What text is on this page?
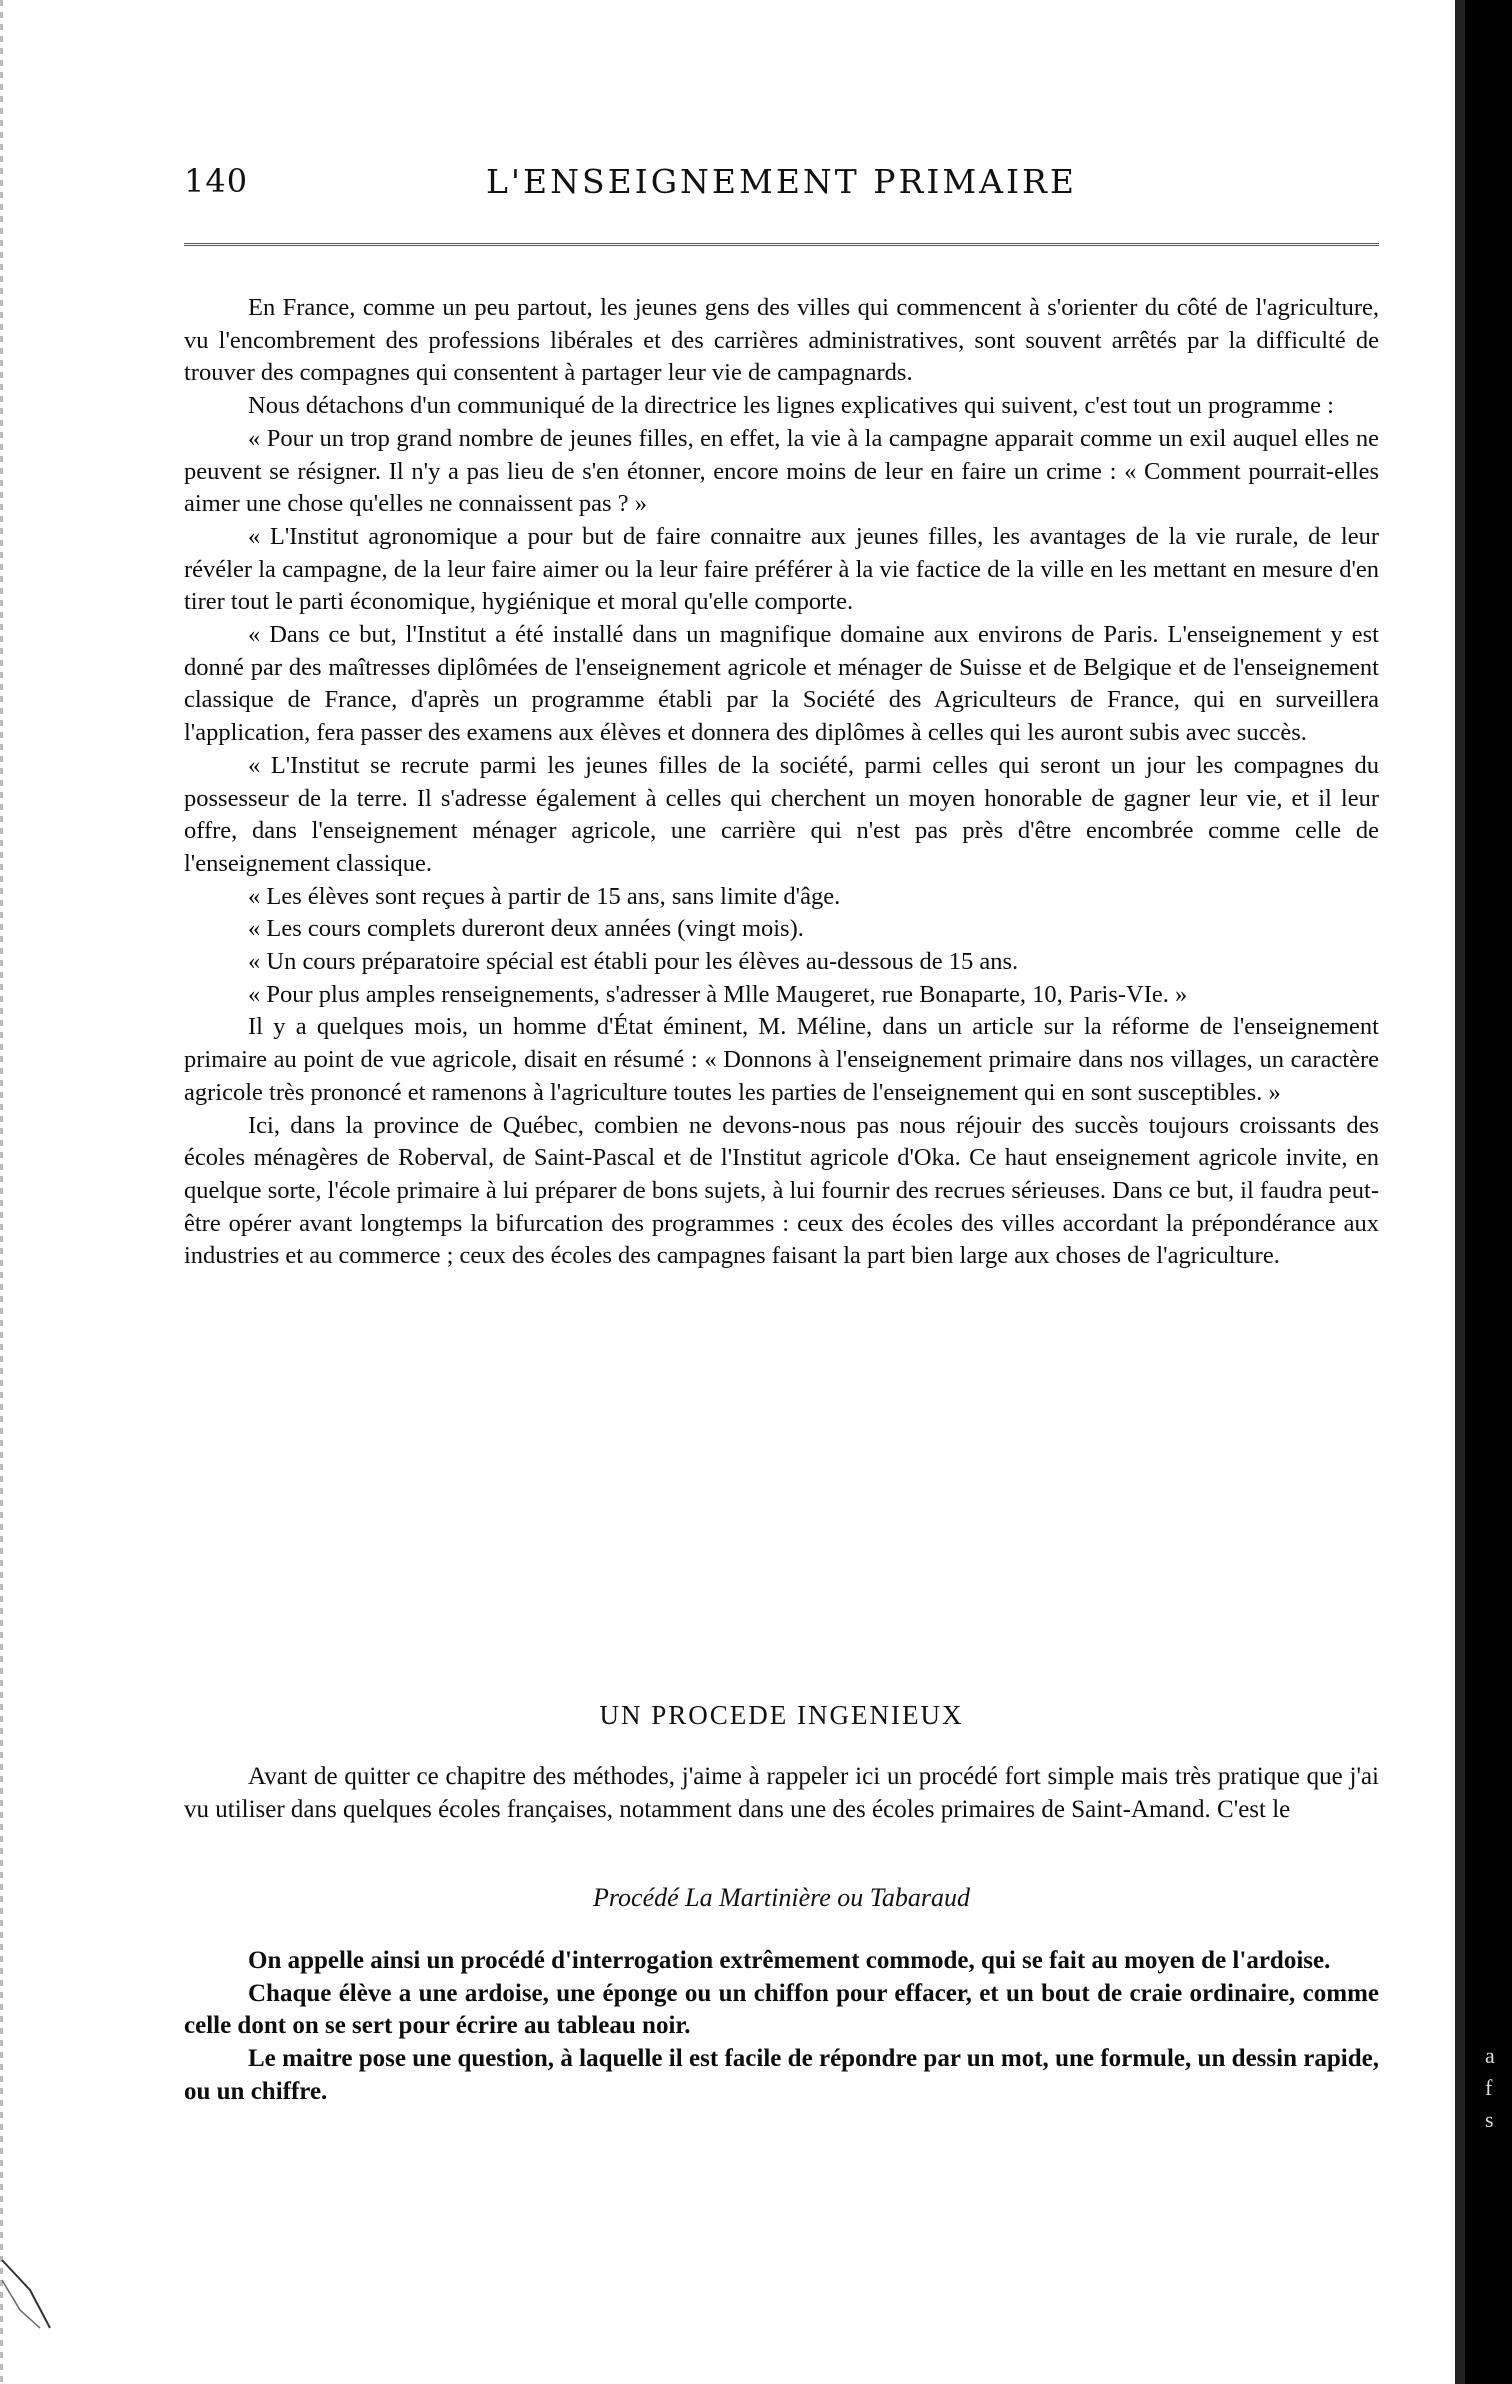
140	L'ENSEIGNEMENT PRIMAIRE

En France, comme un peu partout, les jeunes gens des villes qui commencent à s'orienter du côté de l'agriculture, vu l'encombrement des professions libérales et des carrières administratives, sont souvent arrêtés par la difficulté de trouver des compagnes qui consentent à partager leur vie de campagnards.

Nous détachons d'un communiqué de la directrice les lignes explicatives qui suivent, c'est tout un programme :

« Pour un trop grand nombre de jeunes filles, en effet, la vie à la campagne apparait comme un exil auquel elles ne peuvent se résigner. Il n'y a pas lieu de s'en étonner, encore moins de leur en faire un crime : « Comment pourrait-elles aimer une chose qu'elles ne connaissent pas ? »

« L'Institut agronomique a pour but de faire connaitre aux jeunes filles, les avantages de la vie rurale, de leur révéler la campagne, de la leur faire aimer ou la leur faire préférer à la vie factice de la ville en les mettant en mesure d'en tirer tout le parti économique, hygiénique et moral qu'elle comporte.

« Dans ce but, l'Institut a été installé dans un magnifique domaine aux environs de Paris. L'enseignement y est donné par des maîtresses diplômées de l'enseignement agricole et ménager de Suisse et de Belgique et de l'enseignement classique de France, d'après un programme établi par la Société des Agriculteurs de France, qui en surveillera l'application, fera passer des examens aux élèves et donnera des diplômes à celles qui les auront subis avec succès.

« L'Institut se recrute parmi les jeunes filles de la société, parmi celles qui seront un jour les compagnes du possesseur de la terre. Il s'adresse également à celles qui cherchent un moyen honorable de gagner leur vie, et il leur offre, dans l'enseignement ménager agricole, une carrière qui n'est pas près d'être encombrée comme celle de l'enseignement classique.

« Les élèves sont reçues à partir de 15 ans, sans limite d'âge.

« Les cours complets dureront deux années (vingt mois).

« Un cours préparatoire spécial est établi pour les élèves au-dessous de 15 ans.

« Pour plus amples renseignements, s'adresser à Mlle Maugeret, rue Bonaparte, 10, Paris-VIe. »

Il y a quelques mois, un homme d'État éminent, M. Méline, dans un article sur la réforme de l'enseignement primaire au point de vue agricole, disait en résumé : « Donnons à l'enseignement primaire dans nos villages, un caractère agricole très prononcé et ramenons à l'agriculture toutes les parties de l'enseignement qui en sont susceptibles. »

Ici, dans la province de Québec, combien ne devons-nous pas nous réjouir des succès toujours croissants des écoles ménagères de Roberval, de Saint-Pascal et de l'Institut agricole d'Oka. Ce haut enseignement agricole invite, en quelque sorte, l'école primaire à lui préparer de bons sujets, à lui fournir des recrues sérieuses. Dans ce but, il faudra peut-être opérer avant longtemps la bifurcation des programmes : ceux des écoles des villes accordant la prépondérance aux industries et au commerce ; ceux des écoles des campagnes faisant la part bien large aux choses de l'agriculture.

UN PROCEDE INGENIEUX

Avant de quitter ce chapitre des méthodes, j'aime à rappeler ici un procédé fort simple mais très pratique que j'ai vu utiliser dans quelques écoles françaises, notamment dans une des écoles primaires de Saint-Amand. C'est le

Procédé La Martinière ou Tabaraud

On appelle ainsi un procédé d'interrogation extrêmement commode, qui se fait au moyen de l'ardoise.

Chaque élève a une ardoise, une éponge ou un chiffon pour effacer, et un bout de craie ordinaire, comme celle dont on se sert pour écrire au tableau noir.

Le maitre pose une question, à laquelle il est facile de répondre par un mot, une formule, un dessin rapide, ou un chiffre.

a
f
s
